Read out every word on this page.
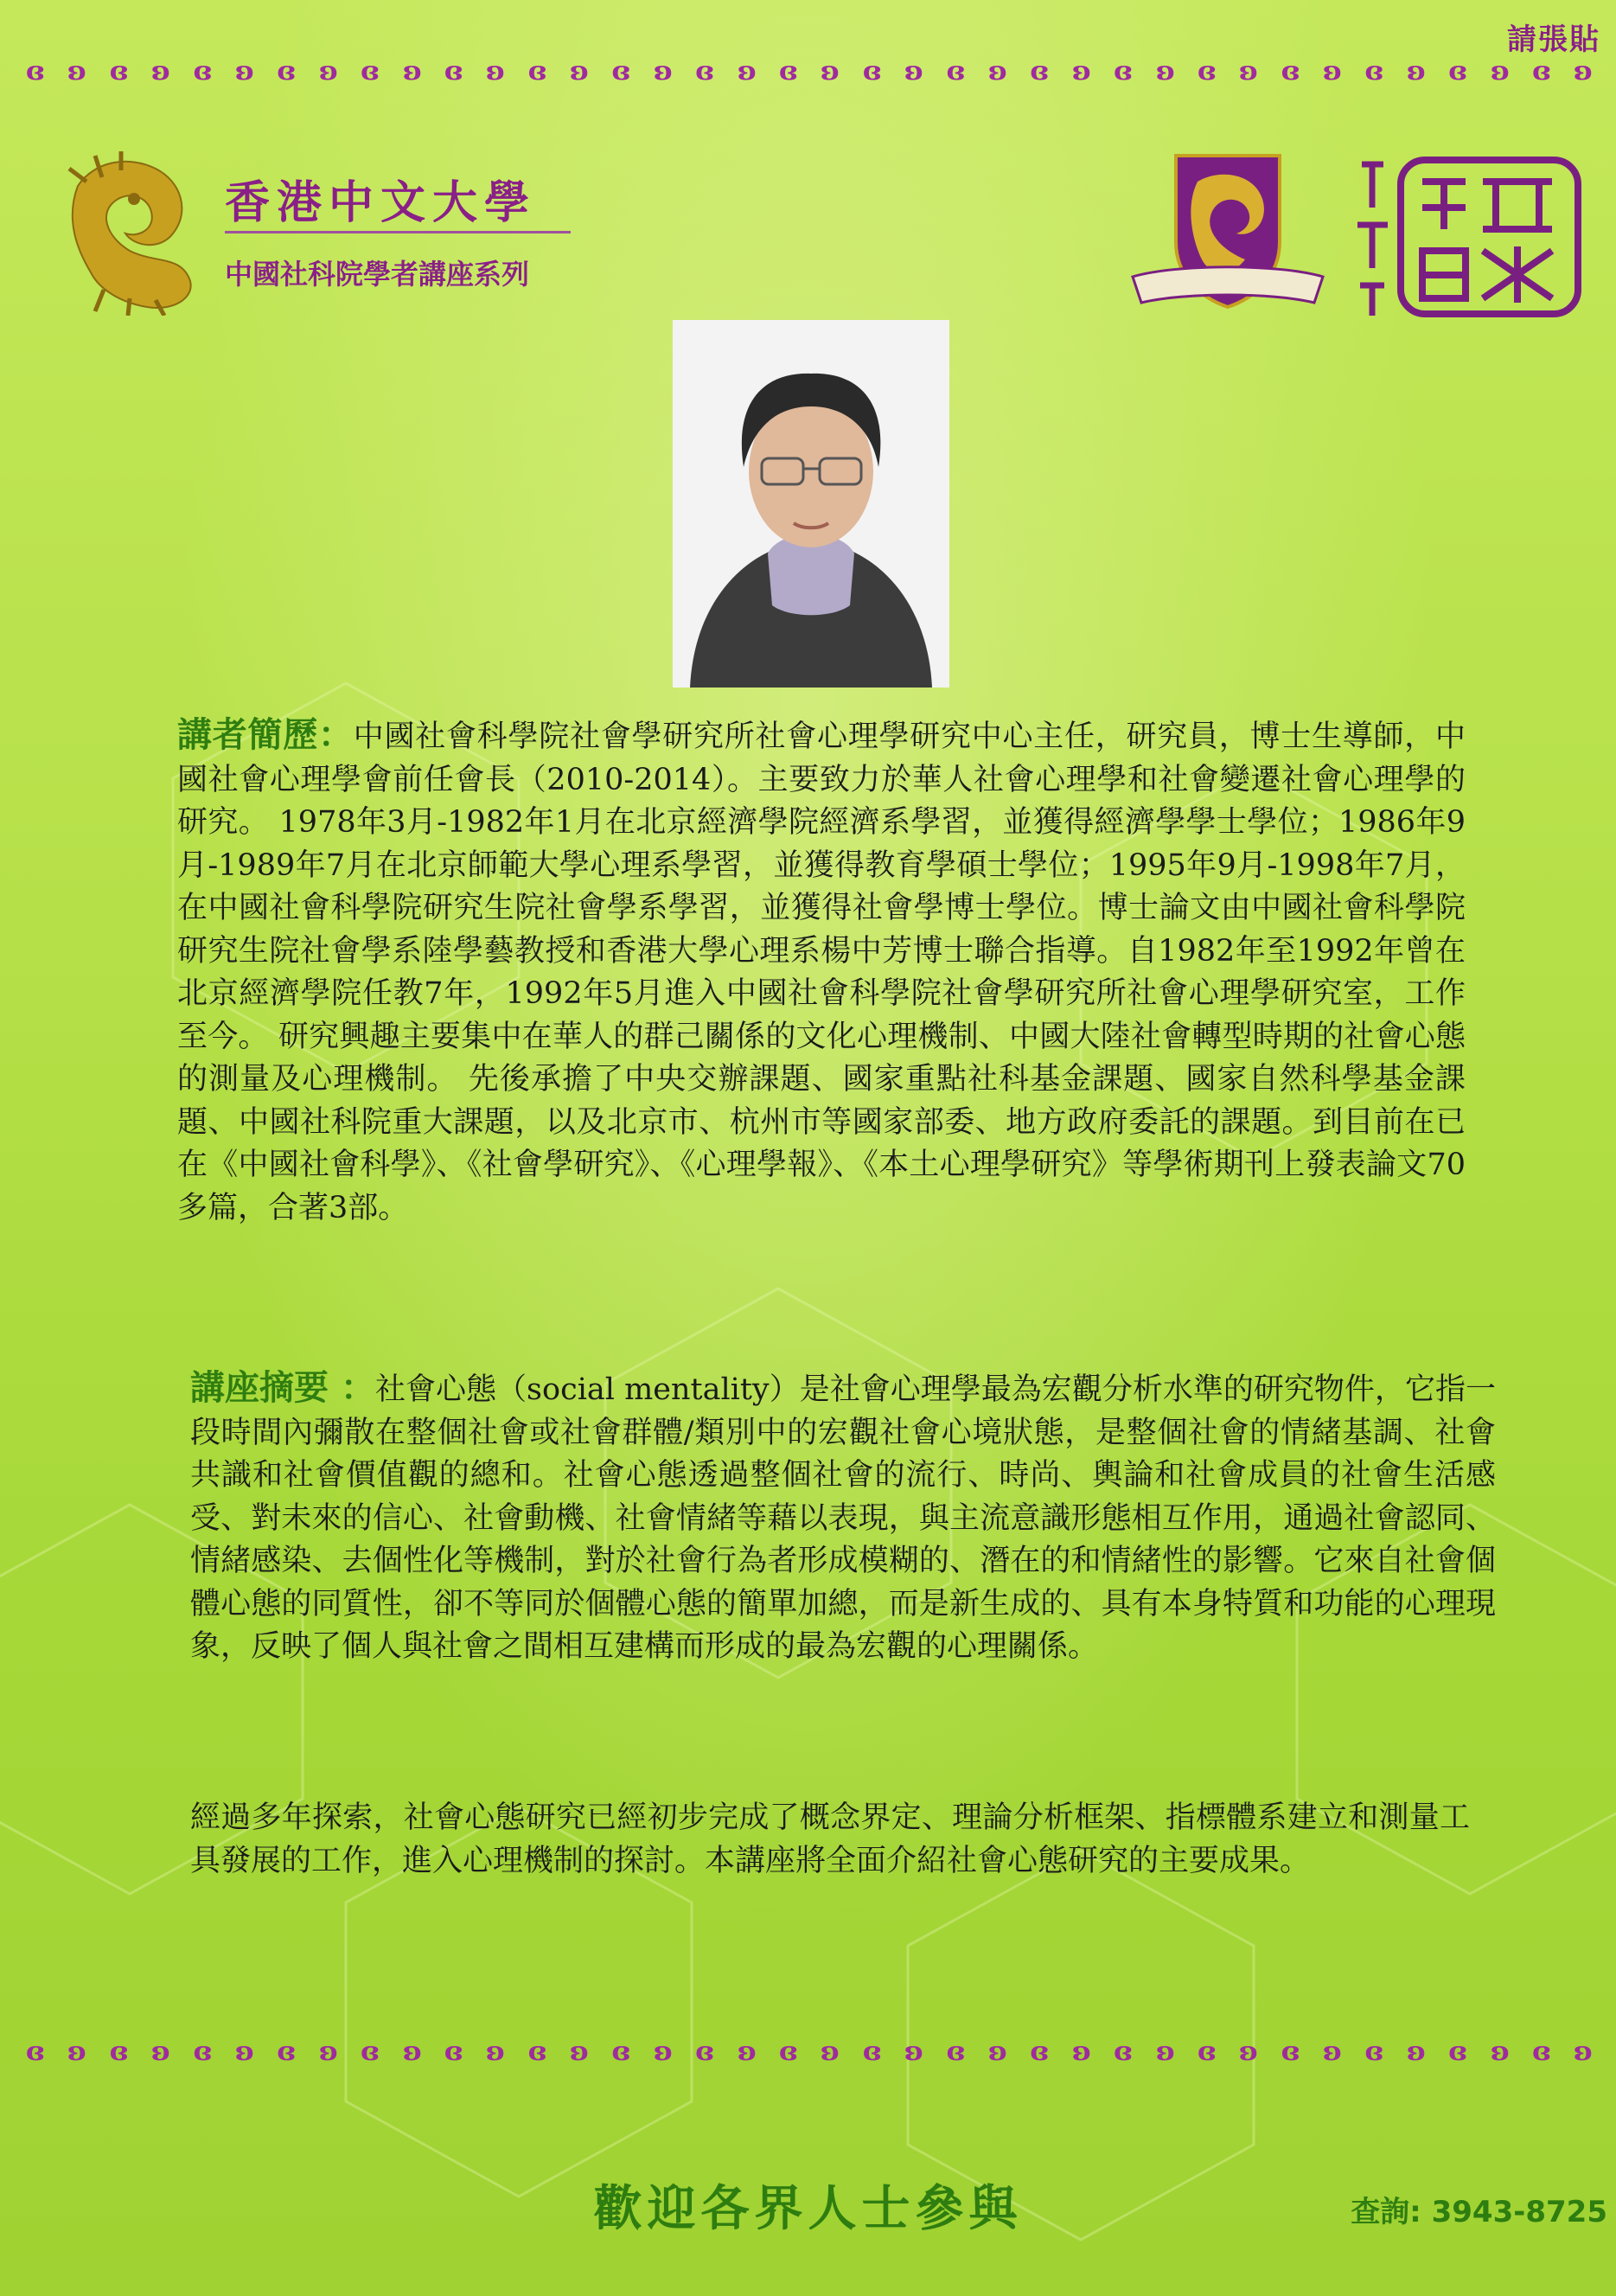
請張貼
ɞ ɞ ɞ ɞ ɞ ɞ ɞ ɞ ɞ ɞ ɞ ɞ ɞ ɞ ɞ ɞ ɞ ɞ ɞ ɞ ɞ ɞ ɞ ɞ ɞ ɞ ɞ ɞ ɞ ɞ ɞ ɞ ɞ ɞ ɞ ɞ ɞ ɞ
香港中文大學
中國社科院學者講座系列
講者簡歷：中國社會科學院社會學研究所社會心理學研究中心主任，研究員，博士生導師，中國社會心理學會前任會長（2010-2014）。主要致力於華人社會心理學和社會變遷社會心理學的研究。 1978年3月-1982年1月在北京經濟學院經濟系學習，並獲得經濟學學士學位；1986年9月-1989年7月在北京師範大學心理系學習，並獲得教育學碩士學位；1995年9月-1998年7月，在中國社會科學院研究生院社會學系學習，並獲得社會學博士學位。博士論文由中國社會科學院研究生院社會學系陸學藝教授和香港大學心理系楊中芳博士聯合指導。自1982年至1992年曾在北京經濟學院任教7年，1992年5月進入中國社會科學院社會學研究所社會心理學研究室，工作至今。 研究興趣主要集中在華人的群己關係的文化心理機制、中國大陸社會轉型時期的社會心態的測量及心理機制。 先後承擔了中央交辦課題、國家重點社科基金課題、國家自然科學基金課題、中國社科院重大課題，以及北京市、杭州市等國家部委、地方政府委託的課題。到目前在已在《中國社會科學》、《社會學研究》、《心理學報》、《本土心理學研究》等學術期刊上發表論文70多篇，合著3部。
講座摘要 ：社會心態（social mentality）是社會心理學最為宏觀分析水準的研究物件，它指一段時間內彌散在整個社會或社會群體/類別中的宏觀社會心境狀態，是整個社會的情緒基調、社會共識和社會價值觀的總和。社會心態透過整個社會的流行、時尚、輿論和社會成員的社會生活感受、對未來的信心、社會動機、社會情緒等藉以表現，與主流意識形態相互作用，通過社會認同、情緒感染、去個性化等機制，對於社會行為者形成模糊的、潛在的和情緒性的影響。它來自社會個體心態的同質性，卻不等同於個體心態的簡單加總，而是新生成的、具有本身特質和功能的心理現象，反映了個人與社會之間相互建構而形成的最為宏觀的心理關係。
經過多年探索，社會心態研究已經初步完成了概念界定、理論分析框架、指標體系建立和測量工具發展的工作，進入心理機制的探討。本講座將全面介紹社會心態研究的主要成果。
ɞ ɞ ɞ ɞ ɞ ɞ ɞ ɞ ɞ ɞ ɞ ɞ ɞ ɞ ɞ ɞ ɞ ɞ ɞ ɞ ɞ ɞ ɞ ɞ ɞ ɞ ɞ ɞ ɞ ɞ ɞ ɞ ɞ ɞ ɞ ɞ ɞ ɞ
歡迎各界人士參與	查詢: 3943-8725
